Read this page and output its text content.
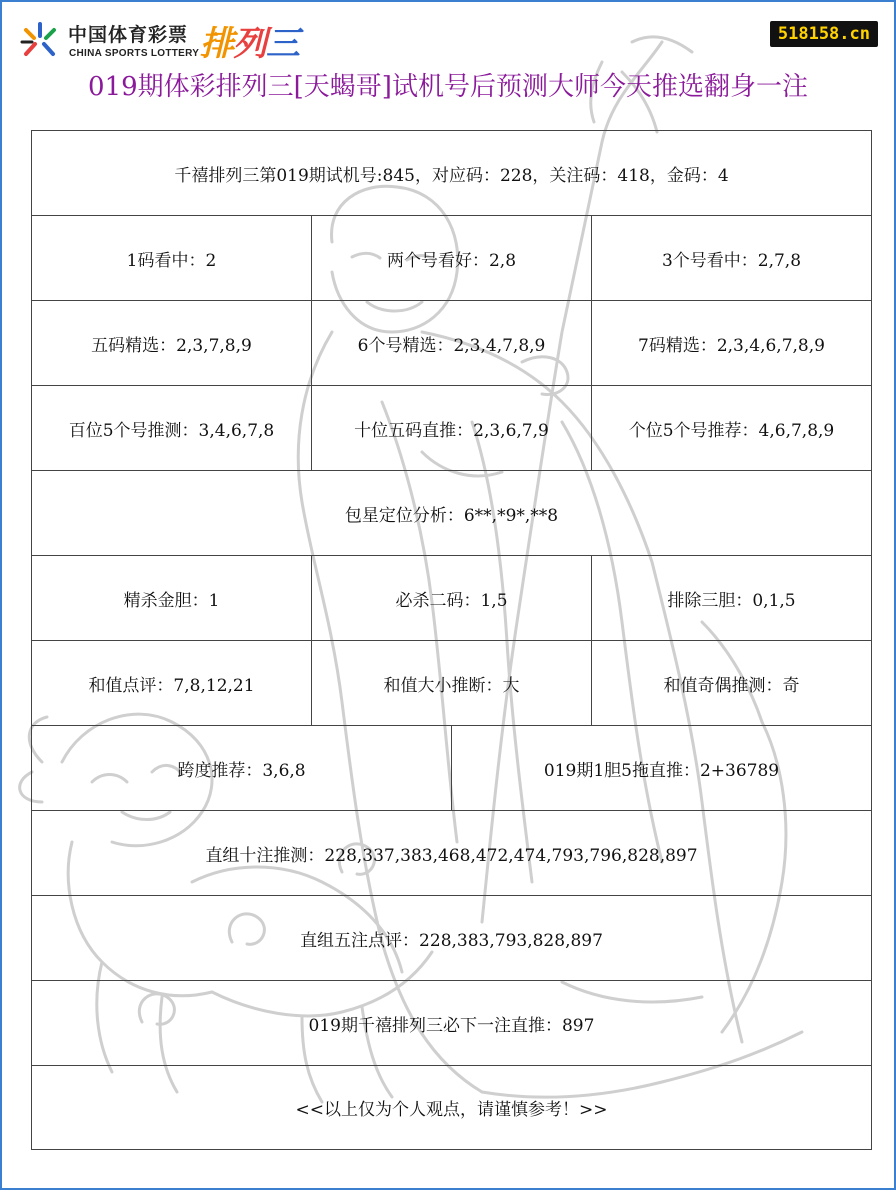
中国体育彩票
CHINA SPORTS LOTTERY 排列三	518158.cn
019期体彩排列三[天蝎哥]试机号后预测大师今天推选翻身一注
千禧排列三第019期试机号:845，对应码：228，关注码：418，金码：4
1码看中：2	两个号看好：2,8	3个号看中：2,7,8
五码精选：2,3,7,8,9	6个号精选：2,3,4,7,8,9	7码精选：2,3,4,6,7,8,9
百位5个号推测：3,4,6,7,8	十位五码直推：2,3,6,7,9	个位5个号推荐：4,6,7,8,9
包星定位分析：6**,*9*,**8
精杀金胆：1	必杀二码：1,5	排除三胆：0,1,5
和值点评：7,8,12,21	和值大小推断：大	和值奇偶推测：奇
跨度推荐：3,6,8	019期1胆5拖直推：2+36789
直组十注推测：228,337,383,468,472,474,793,796,828,897
直组五注点评：228,383,793,828,897
019期千禧排列三必下一注直推：897
<<以上仅为个人观点，请谨慎参考！>>
